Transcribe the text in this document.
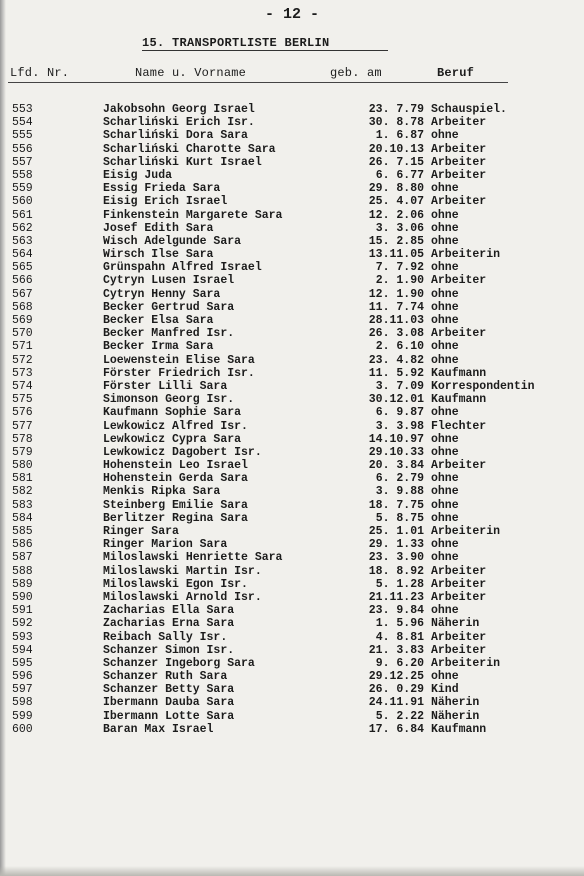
- 12 -
15. TRANSPORTLISTE BERLIN
Lfd. Nr.	Name u. Vorname	geb. am	Beruf
553	Jakobsohn Georg Israel	23. 7.79 Schauspiel.
554	Scharliński Erich Isr.	30. 8.78 Arbeiter
555	Scharliński Dora Sara	1. 6.87 ohne
556	Scharliński Charotte Sara	20.10.13 Arbeiter
557	Scharliński Kurt Israel	26. 7.15 Arbeiter
558	Eisig Juda	6. 6.77 Arbeiter
559	Essig Frieda Sara	29. 8.80 ohne
560	Eisig Erich Israel	25. 4.07 Arbeiter
561	Finkenstein Margarete Sara	12. 2.06 ohne
562	Josef Edith Sara	3. 3.06 ohne
563	Wisch Adelgunde Sara	15. 2.85 ohne
564	Wirsch Ilse Sara	13.11.05 Arbeiterin
565	Grünspahn Alfred Israel	7. 7.92 ohne
566	Cytryn Lusen Israel	2. 1.90 Arbeiter
567	Cytryn Henny Sara	12. 1.90 ohne
568	Becker Gertrud Sara	11. 7.74 ohne
569	Becker Elsa Sara	28.11.03 ohne
570	Becker Manfred Isr.	26. 3.08 Arbeiter
571	Becker Irma Sara	2. 6.10 ohne
572	Loewenstein Elise Sara	23. 4.82 ohne
573	Förster Friedrich Isr.	11. 5.92 Kaufmann
574	Förster Lilli Sara	3. 7.09 Korrespondentin
575	Simonson Georg Isr.	30.12.01 Kaufmann
576	Kaufmann Sophie Sara	6. 9.87 ohne
577	Lewkowicz Alfred Isr.	3. 3.98 Flechter
578	Lewkowicz Cypra Sara	14.10.97 ohne
579	Lewkowicz Dagobert Isr.	29.10.33 ohne
580	Hohenstein Leo Israel	20. 3.84 Arbeiter
581	Hohenstein Gerda Sara	6. 2.79 ohne
582	Menkis Ripka Sara	3. 9.88 ohne
583	Steinberg Emilie Sara	18. 7.75 ohne
584	Berlitzer Regina Sara	5. 8.75 ohne
585	Ringer Sara	25. 1.01 Arbeiterin
586	Ringer Marion Sara	29. 1.33 ohne
587	Miloslawski Henriette Sara	23. 3.90 ohne
588	Miloslawski Martin Isr.	18. 8.92 Arbeiter
589	Miloslawski Egon Isr.	5. 1.28 Arbeiter
590	Miloslawski Arnold Isr.	21.11.23 Arbeiter
591	Zacharias Ella Sara	23. 9.84 ohne
592	Zacharias Erna Sara	1. 5.96 Näherin
593	Reibach Sally Isr.	4. 8.81 Arbeiter
594	Schanzer Simon Isr.	21. 3.83 Arbeiter
595	Schanzer Ingeborg Sara	9. 6.20 Arbeiterin
596	Schanzer Ruth Sara	29.12.25 ohne
597	Schanzer Betty Sara	26. 0.29 Kind
598	Ibermann Dauba Sara	24.11.91 Näherin
599	Ibermann Lotte Sara	5. 2.22 Näherin
600	Baran Max Israel	17. 6.84 Kaufmann
